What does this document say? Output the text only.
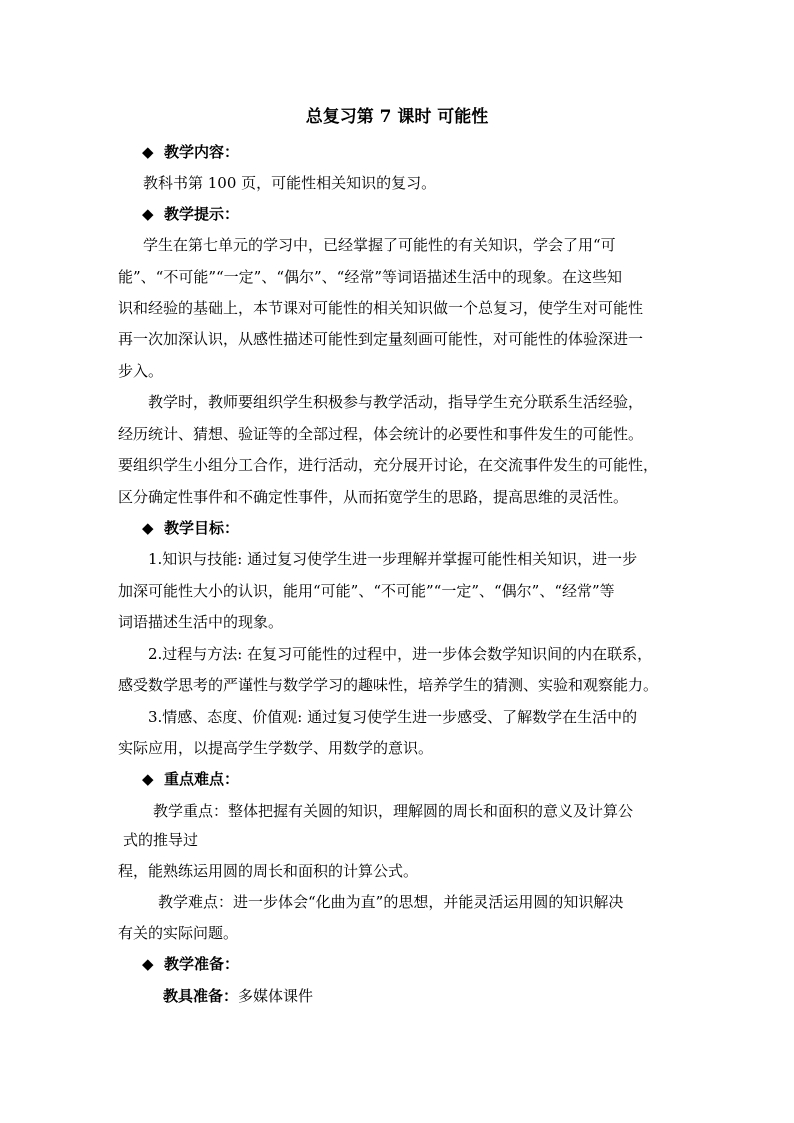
总复习第 7 课时 可能性
◆ 教学内容：
教科书第 100 页，可能性相关知识的复习。
◆ 教学提示：
学生在第七单元的学习中，已经掌握了可能性的有关知识，学会了用“可
能”、“不可能”“一定”、“偶尔”、“经常”等词语描述生活中的现象。在这些知
识和经验的基础上，本节课对可能性的相关知识做一个总复习，使学生对可能性
再一次加深认识，从感性描述可能性到定量刻画可能性，对可能性的体验深进一
步入。
教学时，教师要组织学生积极参与教学活动，指导学生充分联系生活经验，
经历统计、猜想、验证等的全部过程，体会统计的必要性和事件发生的可能性。
要组织学生小组分工合作，进行活动，充分展开讨论，在交流事件发生的可能性，
区分确定性事件和不确定性事件，从而拓宽学生的思路，提高思维的灵活性。
◆ 教学目标：
1.知识与技能: 通过复习使学生进一步理解并掌握可能性相关知识，进一步
加深可能性大小的认识，能用“可能”、“不可能”“一定”、“偶尔”、“经常”等
词语描述生活中的现象。
2.过程与方法: 在复习可能性的过程中，进一步体会数学知识间的内在联系，
感受数学思考的严谨性与数学学习的趣味性，培养学生的猜测、实验和观察能力。
3.情感、态度、价值观: 通过复习使学生进一步感受、了解数学在生活中的
实际应用，以提高学生学数学、用数学的意识。
◆ 重点难点：
教学重点：整体把握有关圆的知识，理解圆的周长和面积的意义及计算公
式的推导过
程，能熟练运用圆的周长和面积的计算公式。
教学难点：进一步体会“化曲为直”的思想，并能灵活运用圆的知识解决
有关的实际问题。
◆ 教学准备：
教具准备：多媒体课件
